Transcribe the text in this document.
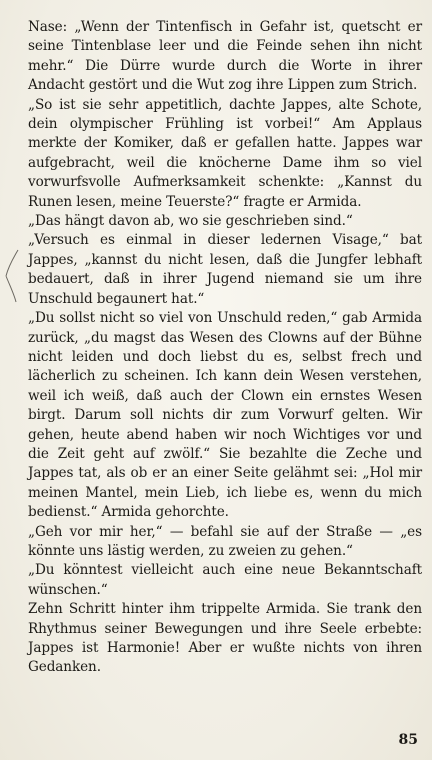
Nase: „Wenn der Tintenfisch in Gefahr ist, quetscht er seine Tintenblase leer und die Feinde sehen ihn nicht mehr.“ Die Dürre wurde durch die Worte in ihrer Andacht gestört und die Wut zog ihre Lippen zum Strich.

„So ist sie sehr appetitlich, dachte Jappes, alte Schote, dein olympischer Frühling ist vorbei!“ Am Applaus merkte der Komiker, daß er gefallen hatte. Jappes war aufgebracht, weil die knöcherne Dame ihm so viel vorwurfsvolle Aufmerksamkeit schenkte: „Kannst du Runen lesen, meine Teuerste?“ fragte er Armida.

„Das hängt davon ab, wo sie geschrieben sind.“

„Versuch es einmal in dieser ledernen Visage,“ bat Jappes, „kannst du nicht lesen, daß die Jungfer lebhaft bedauert, daß in ihrer Jugend niemand sie um ihre Unschuld begaunert hat.“

„Du sollst nicht so viel von Unschuld reden,“ gab Armida zurück, „du magst das Wesen des Clowns auf der Bühne nicht leiden und doch liebst du es, selbst frech und lächerlich zu scheinen. Ich kann dein Wesen verstehen, weil ich weiß, daß auch der Clown ein ernstes Wesen birgt. Darum soll nichts dir zum Vorwurf gelten. Wir gehen, heute abend haben wir noch Wichtiges vor und die Zeit geht auf zwölf.“ Sie bezahlte die Zeche und Jappes tat, als ob er an einer Seite gelähmt sei: „Hol mir meinen Mantel, mein Lieb, ich liebe es, wenn du mich bedienst.“ Armida gehorchte.

„Geh vor mir her,“ — befahl sie auf der Straße — „es könnte uns lästig werden, zu zweien zu gehen.“

„Du könntest vielleicht auch eine neue Bekanntschaft wünschen.“

Zehn Schritt hinter ihm trippelte Armida. Sie trank den Rhythmus seiner Bewegungen und ihre Seele erbebte: Jappes ist Harmonie! Aber er wußte nichts von ihren Gedanken.

85
